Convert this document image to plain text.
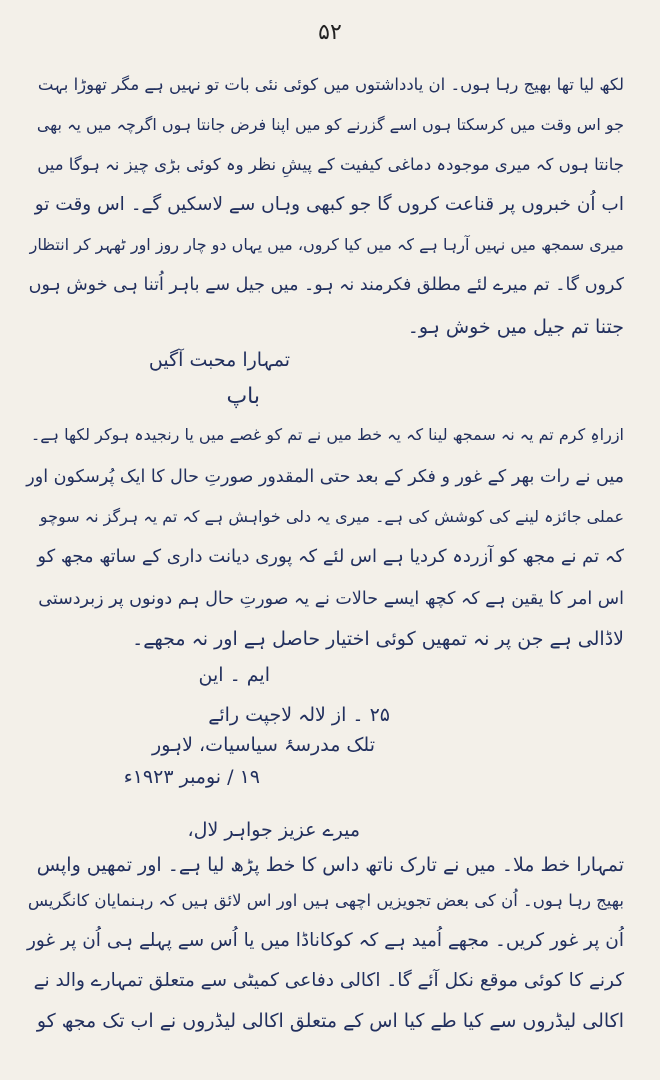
۵۲
لکھ لیا تھا بھیج رہا ہوں۔ ان یادداشتوں میں کوئی نئی بات تو نہیں ہے مگر تھوڑا بہت
جو اس وقت میں کرسکتا ہوں اسے گزرنے کو میں اپنا فرض جانتا ہوں اگرچہ میں یہ بھی
جانتا ہوں کہ میری موجودہ دماغی کیفیت کے پیشِ نظر وہ کوئی بڑی چیز نہ ہوگا میں
اب اُن خبروں پر قناعت کروں گا جو کبھی وہاں سے لاسکیں گے۔ اس وقت تو
میری سمجھ میں نہیں آرہا ہے کہ میں کیا کروں، میں یہاں دو چار روز اور ٹھہر کر انتظار
کروں گا۔ تم میرے لئے مطلق فکرمند نہ ہو۔ میں جیل سے باہر اُتنا ہی خوش ہوں
جتنا تم جیل میں خوش ہو۔
تمہارا محبت آگیں
باپ
ازراہِ کرم تم یہ نہ سمجھ لینا کہ یہ خط میں نے تم کو غصے میں یا رنجیدہ ہوکر لکھا ہے۔
میں نے رات بھر کے غور و فکر کے بعد حتی المقدور صورتِ حال کا ایک پُرسکون اور
عملی جائزہ لینے کی کوشش کی ہے۔ میری یہ دلی خواہش ہے کہ تم یہ ہرگز نہ سوچو
کہ تم نے مجھ کو آزردہ کردیا ہے اس لئے کہ پوری دیانت داری کے ساتھ مجھ کو
اس امر کا یقین ہے کہ کچھ ایسے حالات نے یہ صورتِ حال ہم دونوں پر زبردستی
لاڈالی ہے جن پر نہ تمھیں کوئی اختیار حاصل ہے اور نہ مجھے۔
ایم ۔ این
۲۵ ۔ از لالہ لاجپت رائے
تلک مدرسۂ سیاسیات، لاہور
۱۹ / نومبر ۱۹۲۳ء
میرے عزیز جواہر لال،
تمہارا خط ملا۔ میں نے تارک ناتھ داس کا خط پڑھ لیا ہے۔ اور تمھیں واپس
بھیج رہا ہوں۔ اُن کی بعض تجویزیں اچھی ہیں اور اس لائق ہیں کہ رہنمایان کانگریس
اُن پر غور کریں۔ مجھے اُمید ہے کہ کوکاناڈا میں یا اُس سے پہلے ہی اُن پر غور
کرنے کا کوئی موقع نکل آئے گا۔ اکالی دفاعی کمیٹی سے متعلق تمہارے والد نے
اکالی لیڈروں سے کیا طے کیا اس کے متعلق اکالی لیڈروں نے اب تک مجھ کو
